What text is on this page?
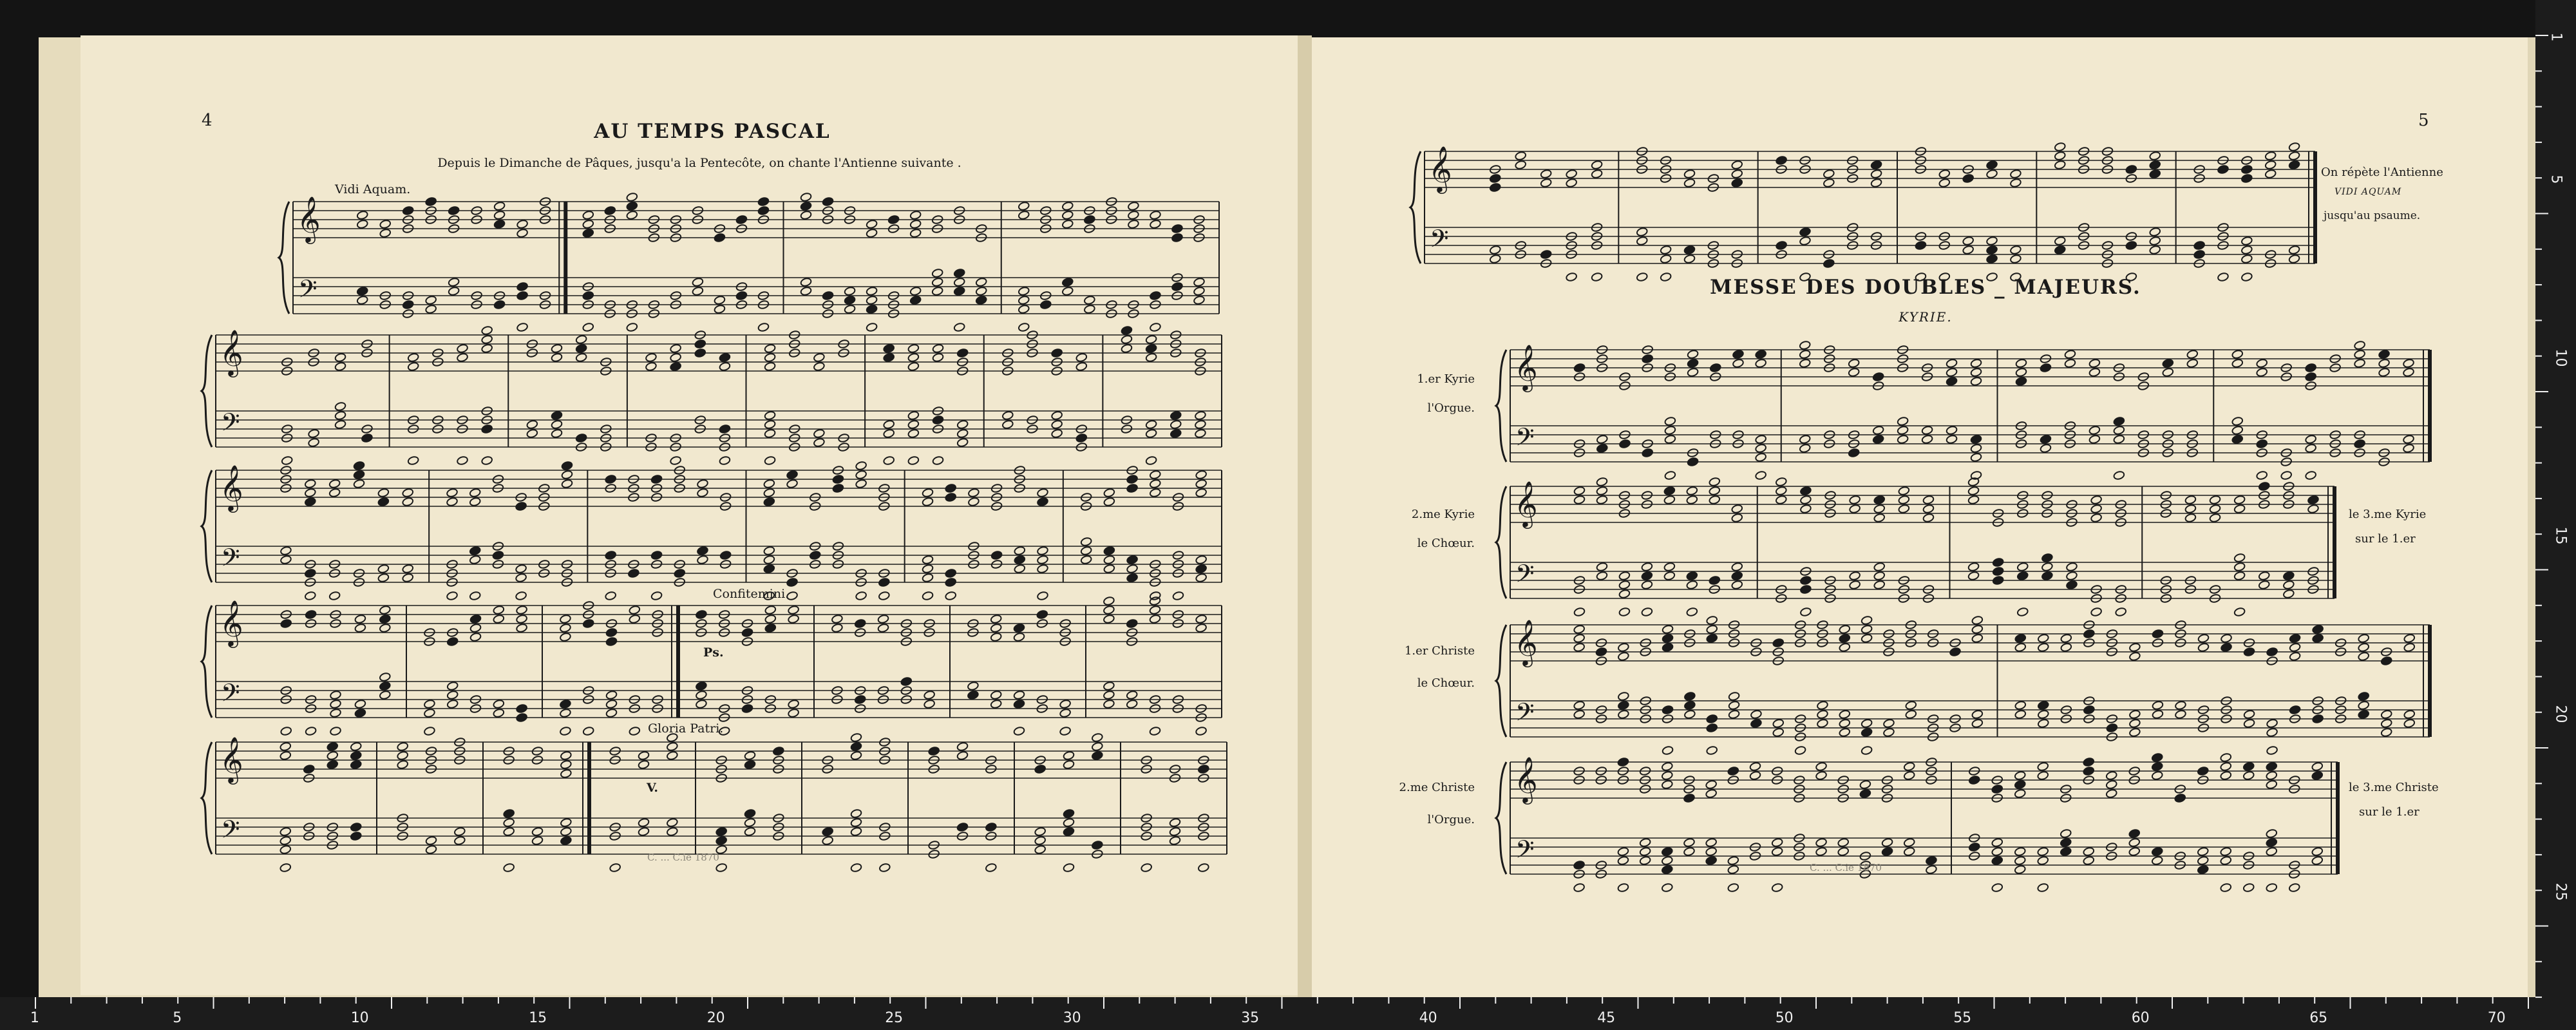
𝄞
𝄢
𝄞
𝄢
𝄞
𝄢
𝄞
𝄢
𝄞
𝄢
𝄞
𝄢
𝄞
𝄢
𝄞
𝄢
𝄞
𝄢
𝄞
𝄢
4	AU TEMPS PASCAL
Depuis le Dimanche de Pâques, jusqu'a la Pentecôte, on chante l'Antienne suivante .
Vidi Aquam.
Confitemini.
Ps.
Gloria Patri.
V.
C. ... C.ie 1870
5
On répète l'Antienne
VIDI AQUAM
jusqu'au psaume.
MESSE DES DOUBLES _ MAJEURS.
KYRIE.
1.er Kyrie
l'Orgue.
2.me Kyrie
le Chœur.
le 3.me Kyrie
sur le 1.er
1.er Christe
le Chœur.
2.me Christe
l'Orgue.
le 3.me Christe
sur le 1.er
C. ... C.ie 1870
1	5	10	15	20	25	30	35	40	45	50	55	60	65	70
1
5
10
15
20
25
